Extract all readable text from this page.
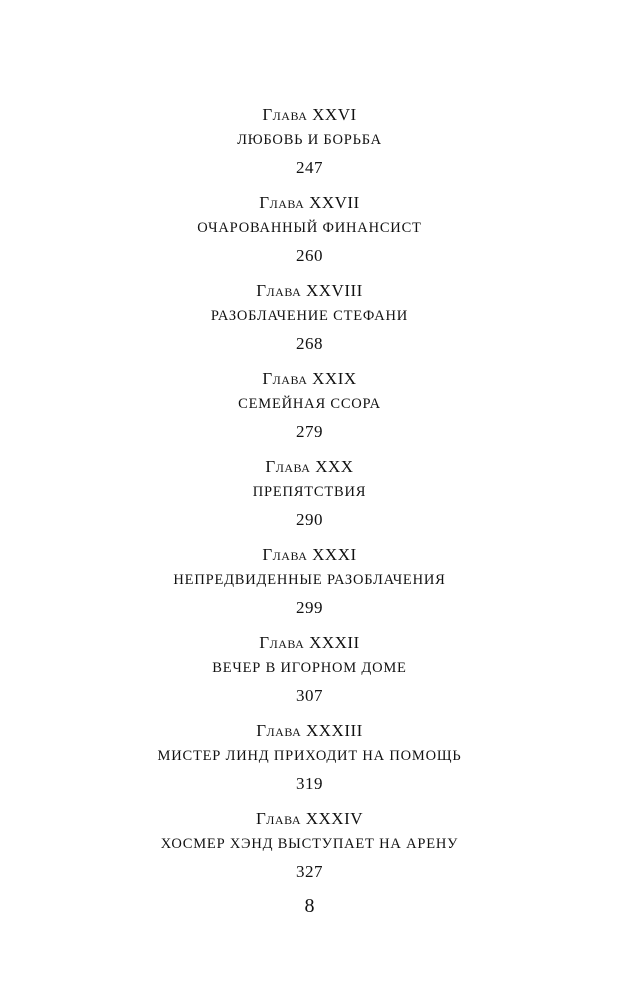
Глава XXVI
ЛЮБОВЬ И БОРЬБА
247
Глава XXVII
ОЧАРОВАННЫЙ ФИНАНСИСТ
260
Глава XXVIII
РАЗОБЛАЧЕНИЕ СТЕФАНИ
268
Глава XXIX
СЕМЕЙНАЯ ССОРА
279
Глава XXX
ПРЕПЯТСТВИЯ
290
Глава XXXI
НЕПРЕДВИДЕННЫЕ РАЗОБЛАЧЕНИЯ
299
Глава XXXII
ВЕЧЕР В ИГОРНОМ ДОМЕ
307
Глава XXXIII
МИСТЕР ЛИНД ПРИХОДИТ НА ПОМОЩЬ
319
Глава XXXIV
ХОСМЕР ХЭНД ВЫСТУПАЕТ НА АРЕНУ
327
8
